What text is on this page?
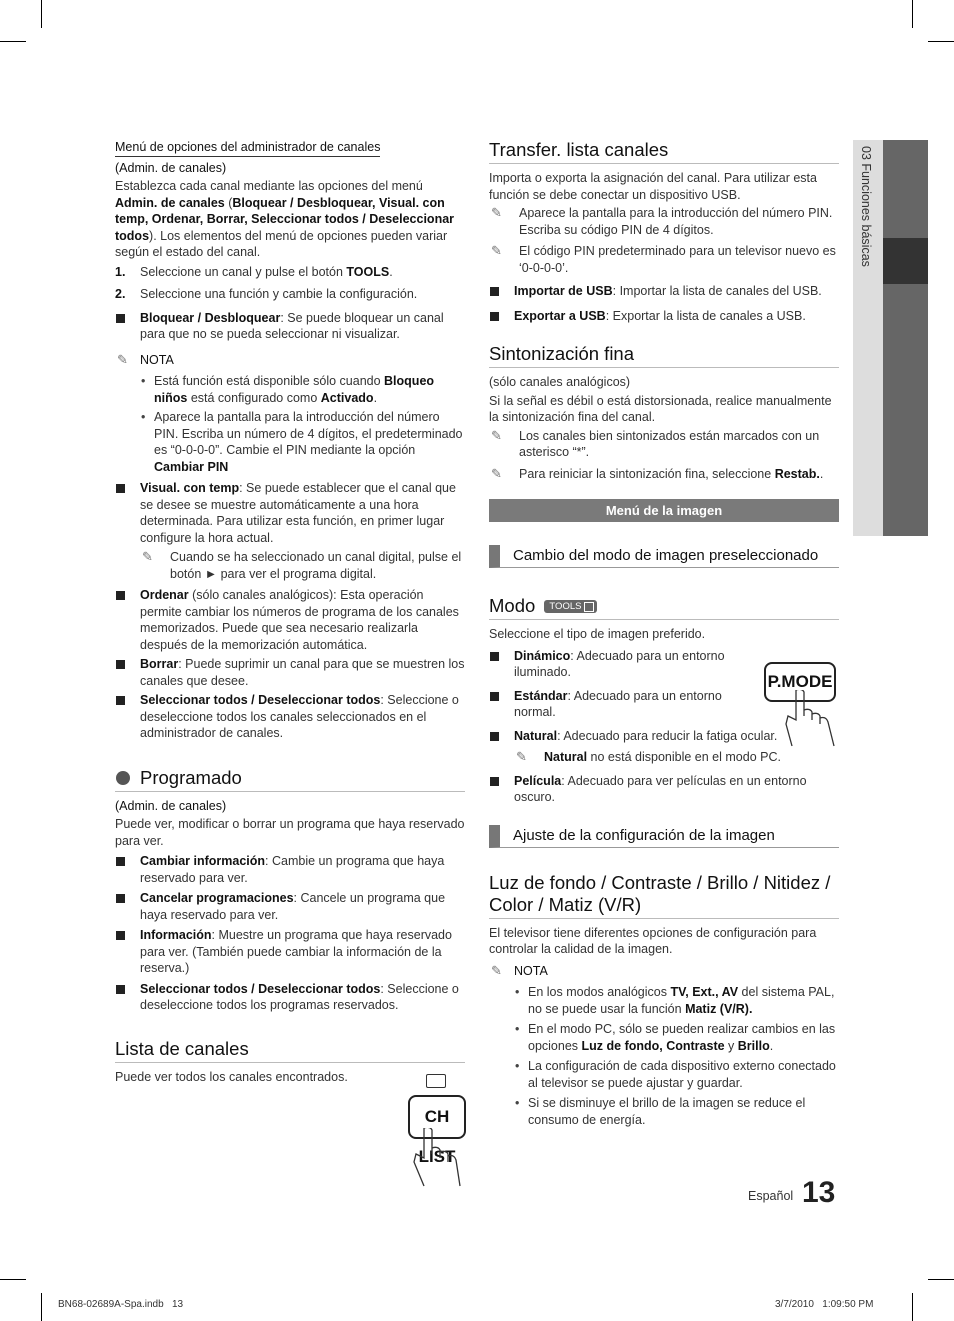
03 Funciones básicas

Menú de opciones del administrador de canales

(Admin. de canales)

Establezca cada canal mediante las opciones del menú Admin. de canales (Bloquear / Desbloquear, Visual. con temp, Ordenar, Borrar, Seleccionar todos / Deseleccionar todos). Los elementos del menú de opciones pueden variar según el estado del canal.

1. Seleccione un canal y pulse el botón TOOLS.

2. Seleccione una función y cambie la configuración.

Bloquear / Desbloquear: Se puede bloquear un canal para que no se pueda seleccionar ni visualizar.

✎ NOTA

• Está función está disponible sólo cuando Bloqueo niños está configurado como Activado.

• Aparece la pantalla para la introducción del número PIN. Escriba un número de 4 dígitos, el predeterminado es “0-0-0-0”. Cambie el PIN mediante la opción Cambiar PIN

Visual. con temp: Se puede establecer que el canal que se desee se muestre automáticamente a una hora determinada. Para utilizar esta función, en primer lugar configure la hora actual.

✎ Cuando se ha seleccionado un canal digital, pulse el botón ► para ver el programa digital.

Ordenar (sólo canales analógicos): Esta operación permite cambiar los números de programa de los canales memorizados. Puede que sea necesario realizarla después de la memorización automática.

Borrar: Puede suprimir un canal para que se muestren los canales que desee.

Seleccionar todos / Deseleccionar todos: Seleccione o deseleccione todos los canales seleccionados en el administrador de canales.

Programado

(Admin. de canales)

Puede ver, modificar o borrar un programa que haya reservado para ver.

Cambiar información: Cambie un programa que haya reservado para ver.

Cancelar programaciones: Cancele un programa que haya reservado para ver.

Información: Muestre un programa que haya reservado para ver. (También puede cambiar la información de la reserva.)

Seleccionar todos / Deseleccionar todos: Seleccione o deseleccione todos los programas reservados.

Lista de canales

Puede ver todos los canales encontrados.

CH LIST
Transfer. lista canales

Importa o exporta la asignación del canal. Para utilizar esta función se debe conectar un dispositivo USB.

✎ Aparece la pantalla para la introducción del número PIN. Escriba su código PIN de 4 dígitos.

✎ El código PIN predeterminado para un televisor nuevo es ‘0-0-0-0’.

Importar de USB: Importar la lista de canales del USB.

Exportar a USB: Exportar la lista de canales a USB.

Sintonización fina

(sólo canales analógicos)

Si la señal es débil o está distorsionada, realice manualmente la sintonización fina del canal.

✎ Los canales bien sintonizados están marcados con un asterisco “*”.

✎ Para reiniciar la sintonización fina, seleccione Restab..

Menú de la imagen
Cambio del modo de imagen preseleccionado
Modo TOOLS

Seleccione el tipo de imagen preferido.

Dinámico: Adecuado para un entorno iluminado.

Estándar: Adecuado para un entorno normal.

Natural: Adecuado para reducir la fatiga ocular.

✎ Natural no está disponible en el modo PC.

Película: Adecuado para ver películas en un entorno oscuro.

Ajuste de la configuración de la imagen
Luz de fondo / Contraste / Brillo / Nitidez / Color / Matiz (V/R)

El televisor tiene diferentes opciones de configuración para controlar la calidad de la imagen.

✎ NOTA

• En los modos analógicos TV, Ext., AV del sistema PAL, no se puede usar la función Matiz (V/R).

• En el modo PC, sólo se pueden realizar cambios en las opciones Luz de fondo, Contraste y Brillo.

• La configuración de cada dispositivo externo conectado al televisor se puede ajustar y guardar.

• Si se disminuye el brillo de la imagen se reduce el consumo de energía.

P.MODE
Español 13
BN68-02689A-Spa.indb   13	3/7/2010   1:09:50 PM
